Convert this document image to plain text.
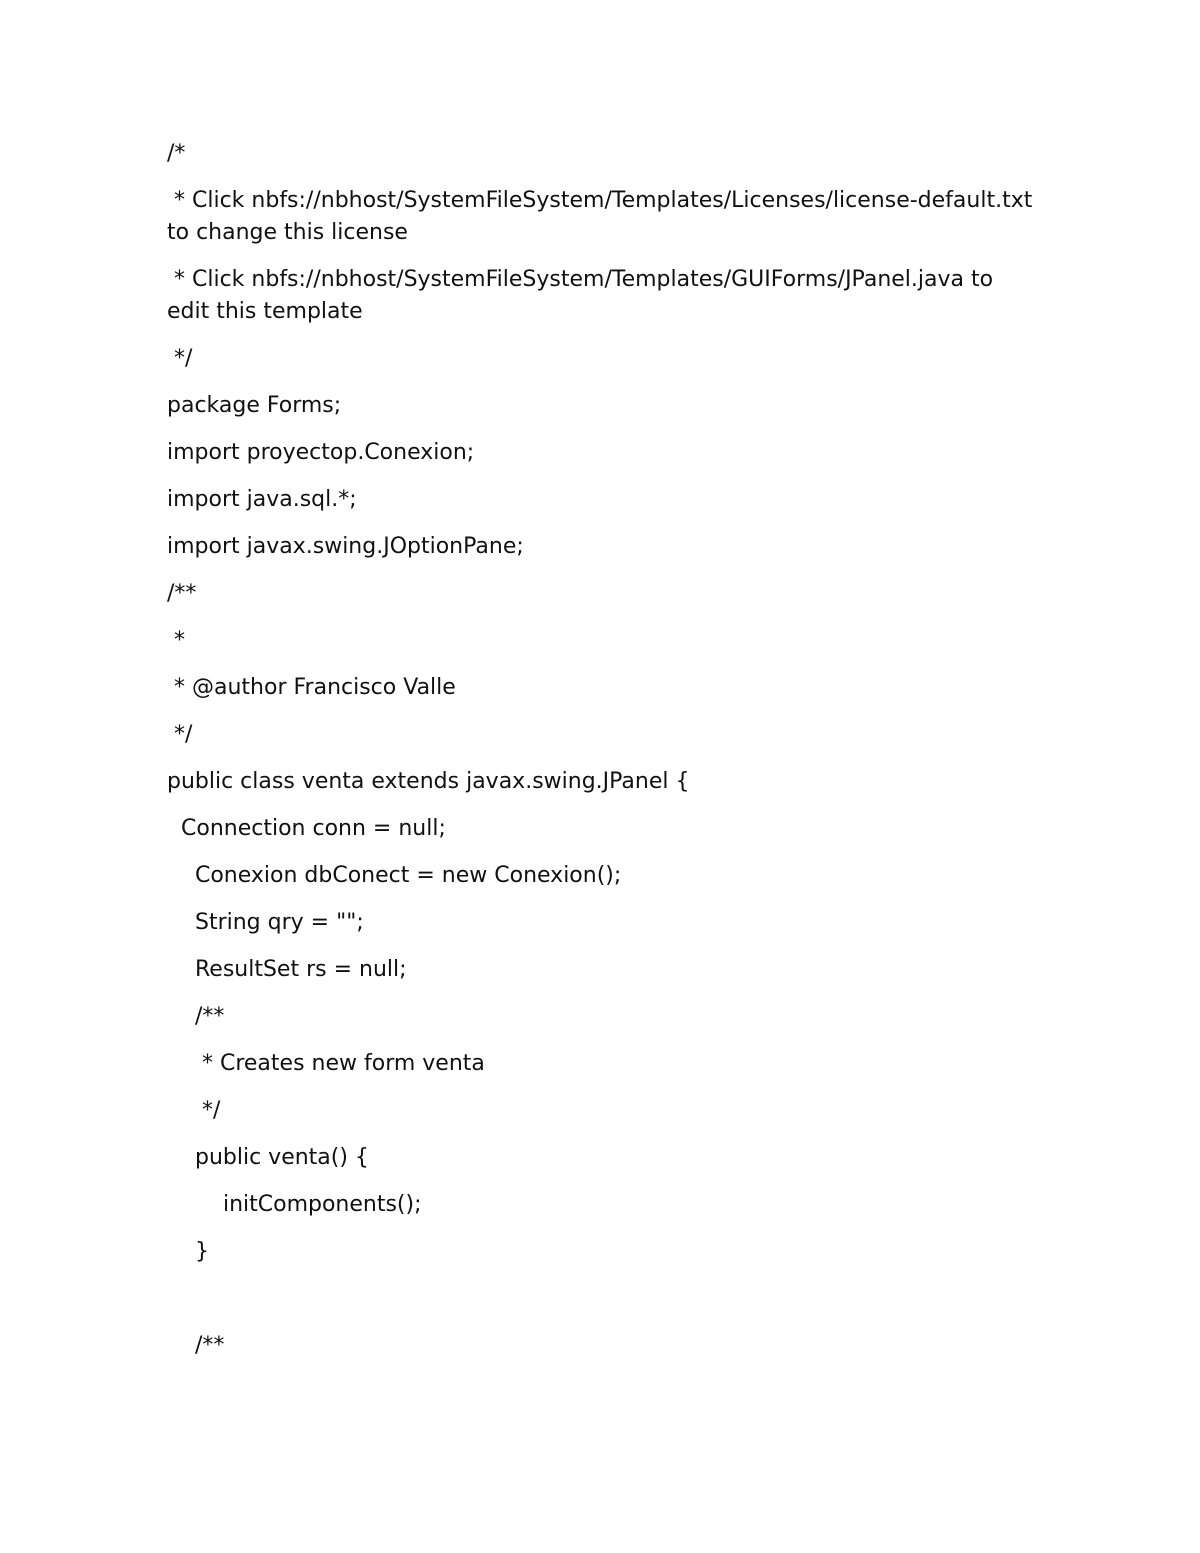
/*
* Click nbfs://nbhost/SystemFileSystem/Templates/Licenses/license-default.txt to change this license
* Click nbfs://nbhost/SystemFileSystem/Templates/GUIForms/JPanel.java to edit this template
*/
package Forms;
import proyectop.Conexion;
import java.sql.*;
import javax.swing.JOptionPane;
/**
*
* @author Francisco Valle
*/
public class venta extends javax.swing.JPanel {
Connection conn = null;
Conexion dbConect = new Conexion();
String qry = "";
ResultSet rs = null;
/**
* Creates new form venta
*/
public venta() {
initComponents();
}
/**
